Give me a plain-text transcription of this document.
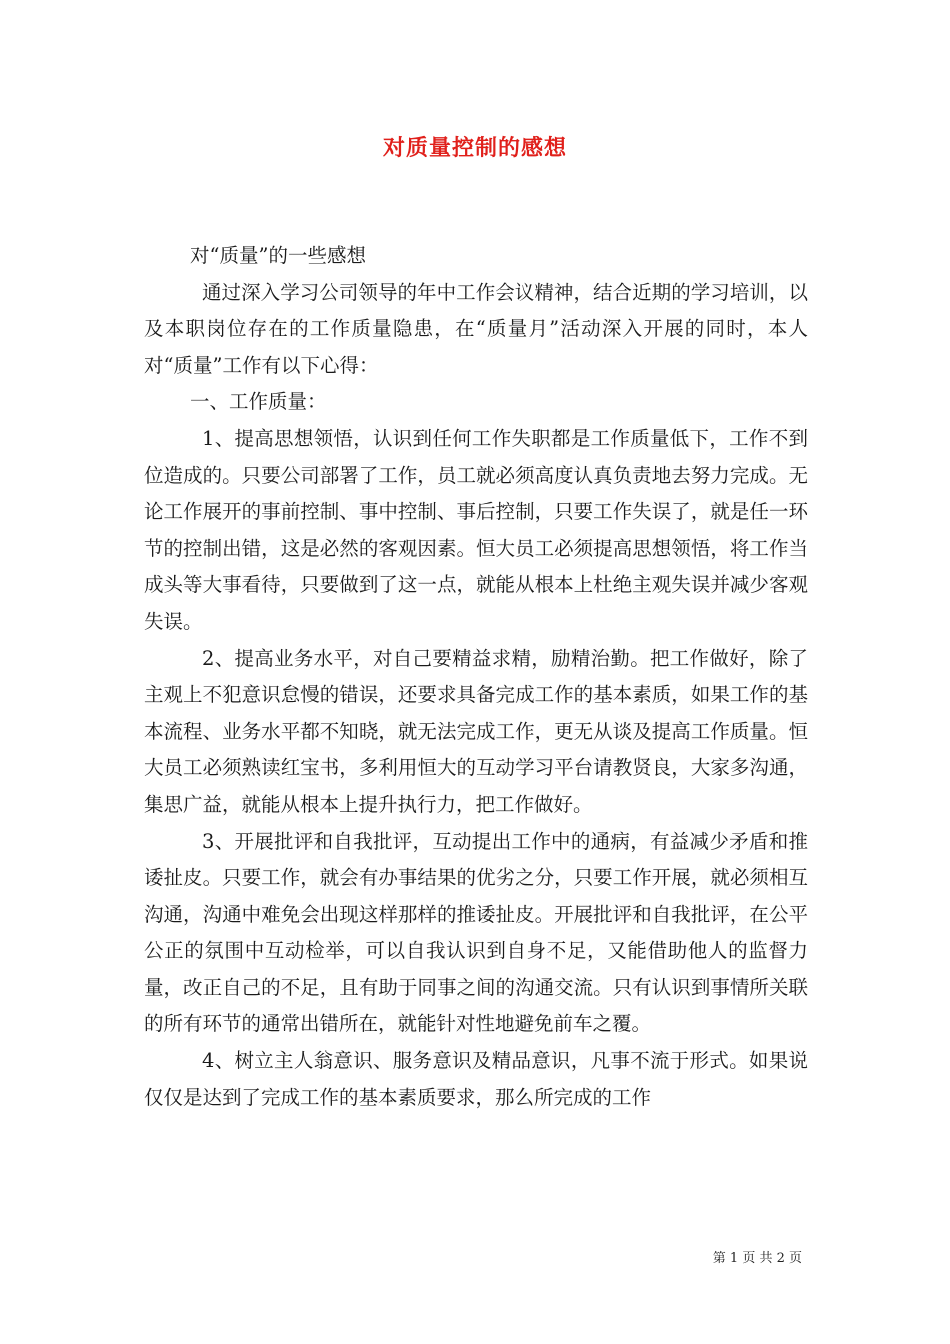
对质量控制的感想

对“质量”的一些感想

通过深入学习公司领导的年中工作会议精神，结合近期的学习培训，以及本职岗位存在的工作质量隐患，在“质量月”活动深入开展的同时，本人对“质量”工作有以下心得：

一、工作质量：

1、提高思想领悟，认识到任何工作失职都是工作质量低下，工作不到位造成的。只要公司部署了工作，员工就必须高度认真负责地去努力完成。无论工作展开的事前控制、事中控制、事后控制，只要工作失误了，就是任一环节的控制出错，这是必然的客观因素。恒大员工必须提高思想领悟，将工作当成头等大事看待，只要做到了这一点，就能从根本上杜绝主观失误并减少客观失误。

2、提高业务水平，对自己要精益求精，励精治勤。把工作做好，除了主观上不犯意识怠慢的错误，还要求具备完成工作的基本素质，如果工作的基本流程、业务水平都不知晓，就无法完成工作，更无从谈及提高工作质量。恒大员工必须熟读红宝书，多利用恒大的互动学习平台请教贤良，大家多沟通，集思广益，就能从根本上提升执行力，把工作做好。

3、开展批评和自我批评，互动提出工作中的通病，有益减少矛盾和推诿扯皮。只要工作，就会有办事结果的优劣之分，只要工作开展，就必须相互沟通，沟通中难免会出现这样那样的推诿扯皮。开展批评和自我批评，在公平公正的氛围中互动检举，可以自我认识到自身不足，又能借助他人的监督力量，改正自己的不足，且有助于同事之间的沟通交流。只有认识到事情所关联的所有环节的通常出错所在，就能针对性地避免前车之覆。

4、树立主人翁意识、服务意识及精品意识，凡事不流于形式。如果说仅仅是达到了完成工作的基本素质要求，那么所完成的工作

第 1 页 共 2 页
